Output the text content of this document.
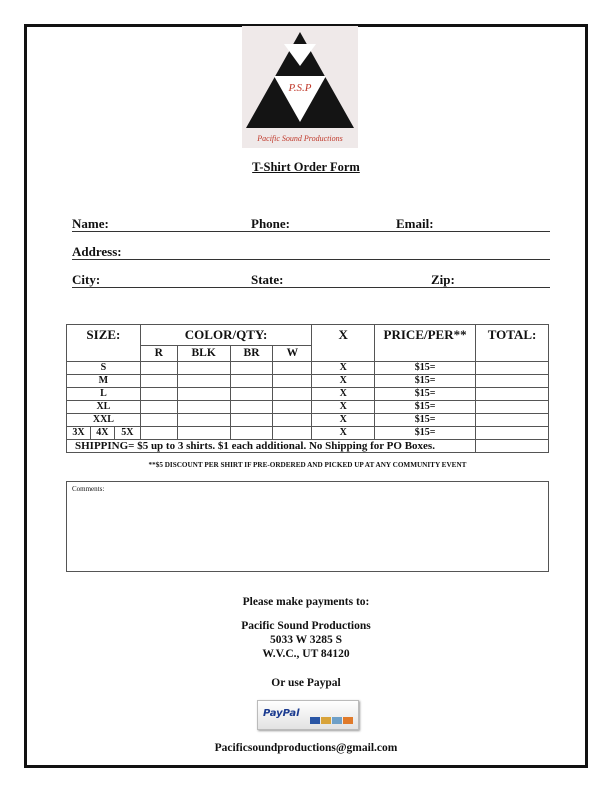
P.S.P
Pacific Sound Productions
T-Shirt Order Form
Name:	Phone:	Email:
Address:
City:	State:	Zip:
SIZE:			COLOR/QTY:				X	PRICE/PER**	TOTAL:
			R	BLK	BR	W			
S							X	$15=	
M							X	$15=	
L							X	$15=	
XL							X	$15=	
XXL							X	$15=	
3X	4X	5X					X	$15=	
SHIPPING= $5 up to 3 shirts. $1 each additional. No Shipping for PO Boxes.									
**$5 DISCOUNT PER SHIRT IF PRE-ORDERED AND PICKED UP AT ANY COMMUNITY EVENT
Comments:
Please make payments to:
Pacific Sound Productions
5033 W 3285 S
W.V.C., UT 84120
Or use Paypal
PayPal
Pacificsoundproductions@gmail.com
